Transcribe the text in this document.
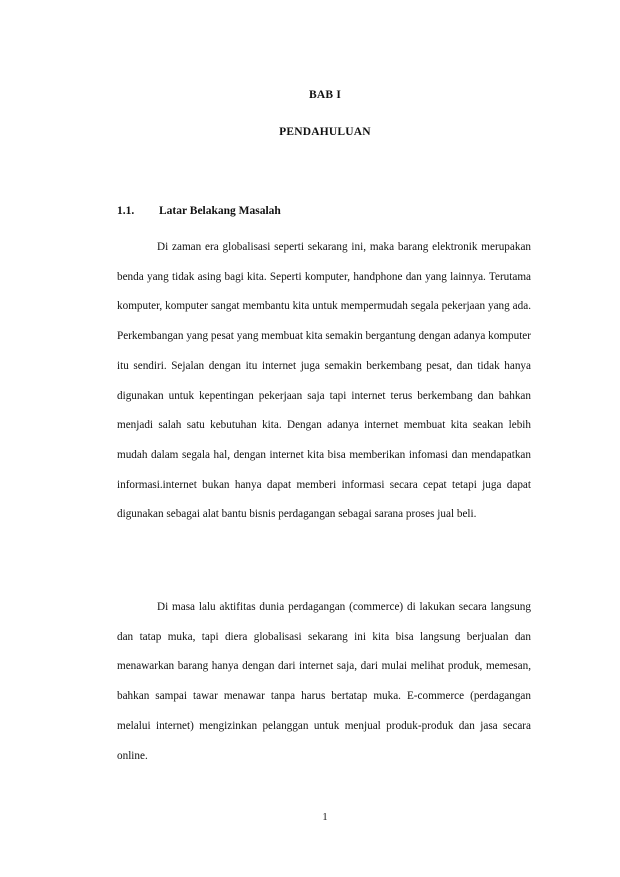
BAB I
PENDAHULUAN
1.1. Latar Belakang Masalah

Di zaman era globalisasi seperti sekarang ini, maka barang elektronik merupakan benda yang tidak asing bagi kita. Seperti komputer, handphone dan yang lainnya. Terutama komputer, komputer sangat membantu kita untuk mempermudah segala pekerjaan yang ada. Perkembangan yang pesat yang membuat kita semakin bergantung dengan adanya komputer itu sendiri. Sejalan dengan itu internet juga semakin berkembang pesat, dan tidak hanya digunakan untuk kepentingan pekerjaan saja tapi internet terus berkembang dan bahkan menjadi salah satu kebutuhan kita. Dengan adanya internet membuat kita seakan lebih mudah dalam segala hal, dengan internet kita bisa memberikan infomasi dan mendapatkan informasi.internet bukan hanya dapat memberi informasi secara cepat tetapi juga dapat digunakan sebagai alat bantu bisnis perdagangan sebagai sarana proses jual beli.

Di masa lalu aktifitas dunia perdagangan (commerce) di lakukan secara langsung dan tatap muka, tapi diera globalisasi sekarang ini kita bisa langsung berjualan dan menawarkan barang hanya dengan dari internet saja, dari mulai melihat produk, memesan, bahkan sampai tawar menawar tanpa harus bertatap muka. E-commerce (perdagangan melalui internet) mengizinkan pelanggan untuk menjual produk-produk dan jasa secara online.

1
